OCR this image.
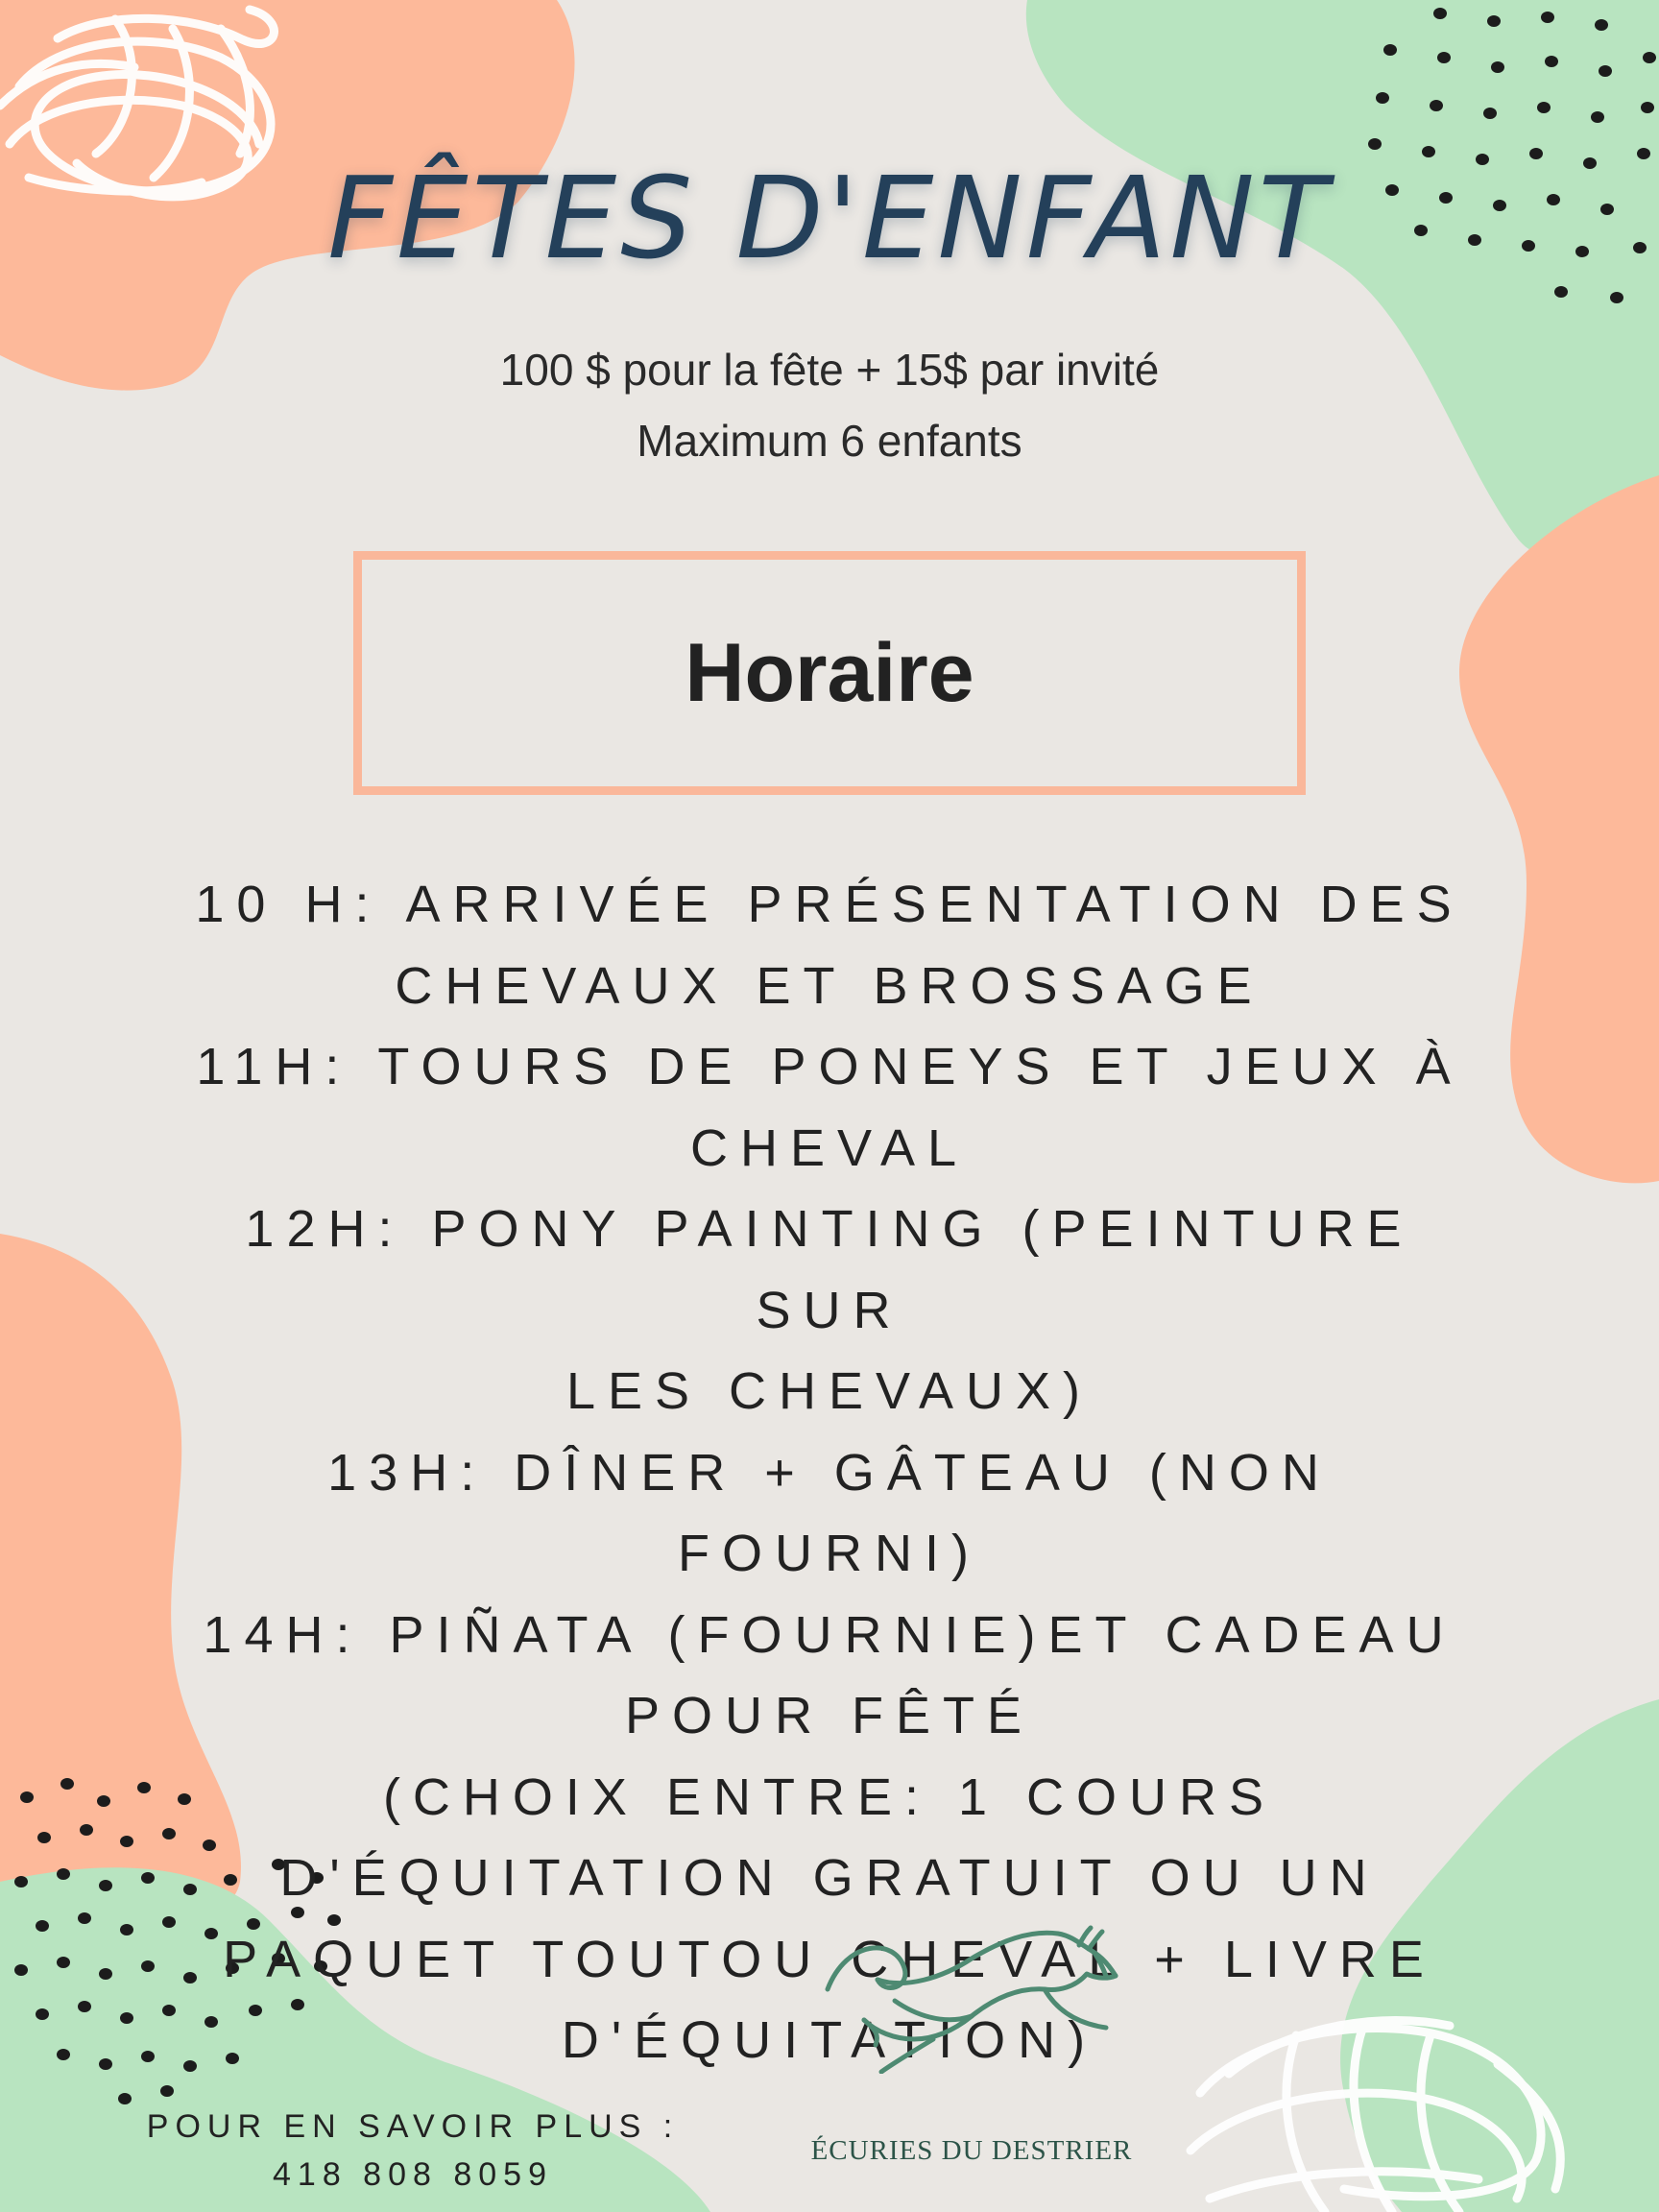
FÊTES D'ENFANT
100 $ pour la fête + 15$ par invité
Maximum 6 enfants
Horaire
10 H: ARRIVÉE PRÉSENTATION DES
CHEVAUX ET BROSSAGE
11H: TOURS DE PONEYS ET JEUX À
CHEVAL
12H: PONY PAINTING (PEINTURE SUR
LES CHEVAUX)
13H: DÎNER + GÂTEAU (NON FOURNI)
14H: PIÑATA (FOURNIE)ET CADEAU
POUR FÊTÉ
(CHOIX ENTRE: 1 COURS
D'ÉQUITATION GRATUIT OU UN
PAQUET TOUTOU CHEVAL + LIVRE
D'ÉQUITATION)
POUR EN SAVOIR PLUS :
418 808 8059
ÉCURIES DU DESTRIER
